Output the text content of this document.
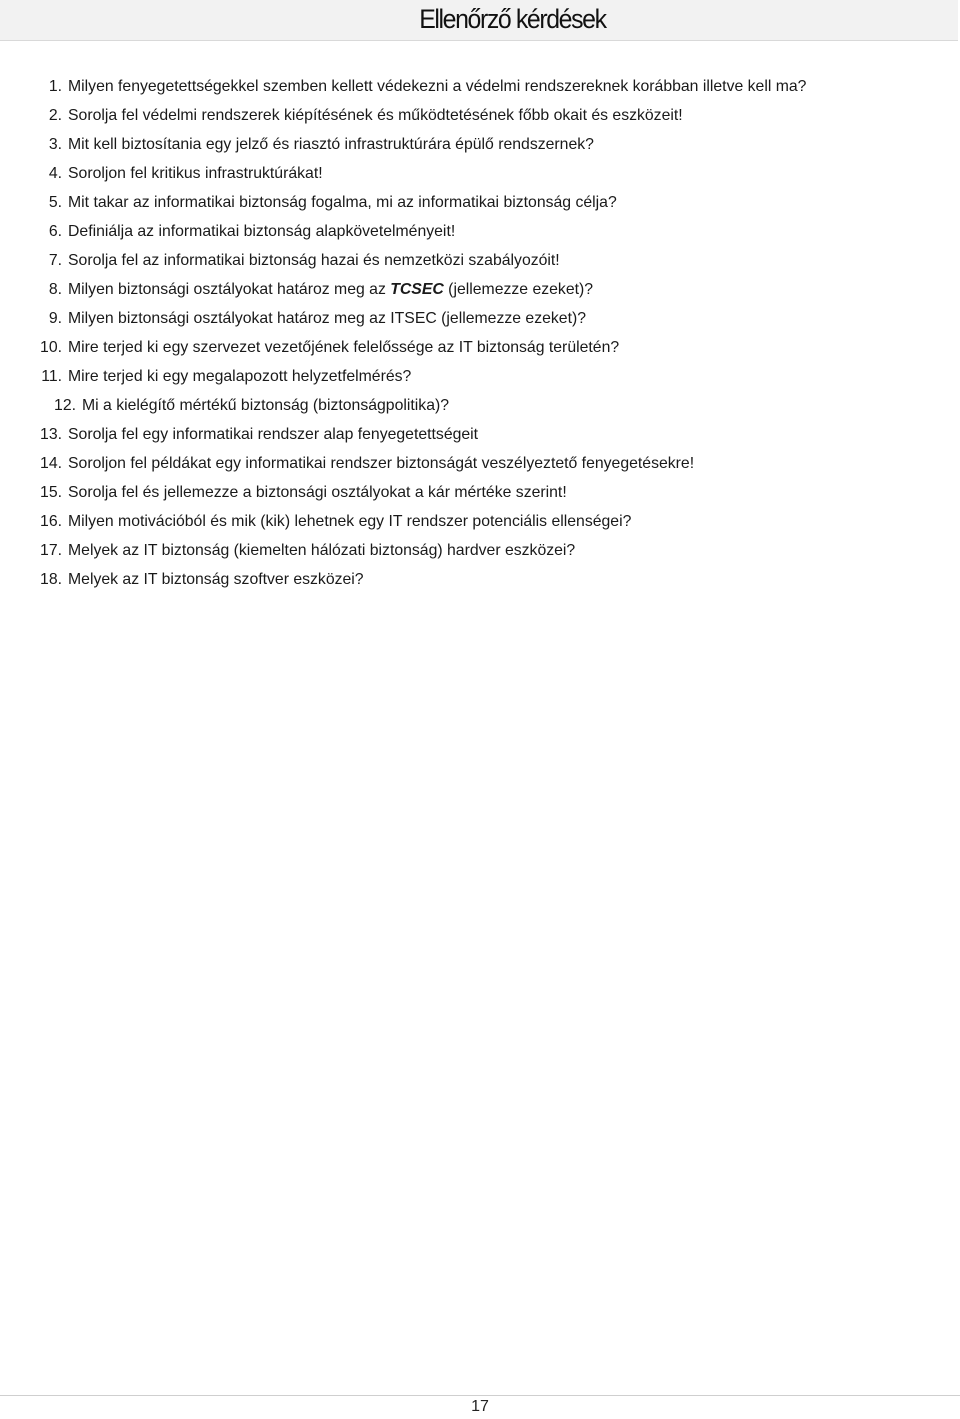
Ellenőrző kérdések
1. Milyen fenyegetettségekkel szemben kellett védekezni a védelmi rendszereknek korábban illetve kell ma?
2. Sorolja fel védelmi rendszerek kiépítésének és működtetésének főbb okait és eszközeit!
3. Mit kell biztosítania egy jelző és riasztó infrastruktúrára épülő rendszernek?
4. Soroljon fel kritikus infrastruktúrákat!
5. Mit takar az informatikai biztonság fogalma, mi az informatikai biztonság célja?
6. Definiálja az informatikai biztonság alapkövetelményeit!
7. Sorolja fel az informatikai biztonság hazai és nemzetközi szabályozóit!
8. Milyen biztonsági osztályokat határoz meg az TCSEC (jellemezze ezeket)?
9. Milyen biztonsági osztályokat határoz meg az ITSEC (jellemezze ezeket)?
10. Mire terjed ki egy szervezet vezetőjének felelőssége az IT biztonság területén?
11. Mire terjed ki egy megalapozott helyzetfelmérés?
12. Mi a kielégítő mértékű biztonság (biztonságpolitika)?
13. Sorolja fel egy informatikai rendszer alap fenyegetettségeit
14. Soroljon fel példákat egy informatikai rendszer biztonságát veszélyeztető fenyegetésekre!
15. Sorolja fel és jellemezze a biztonsági osztályokat a kár mértéke szerint!
16. Milyen motivációból és mik (kik) lehetnek egy IT rendszer potenciális ellenségei?
17. Melyek az IT biztonság (kiemelten hálózati biztonság) hardver eszközei?
18. Melyek az IT biztonság szoftver eszközei?
17
